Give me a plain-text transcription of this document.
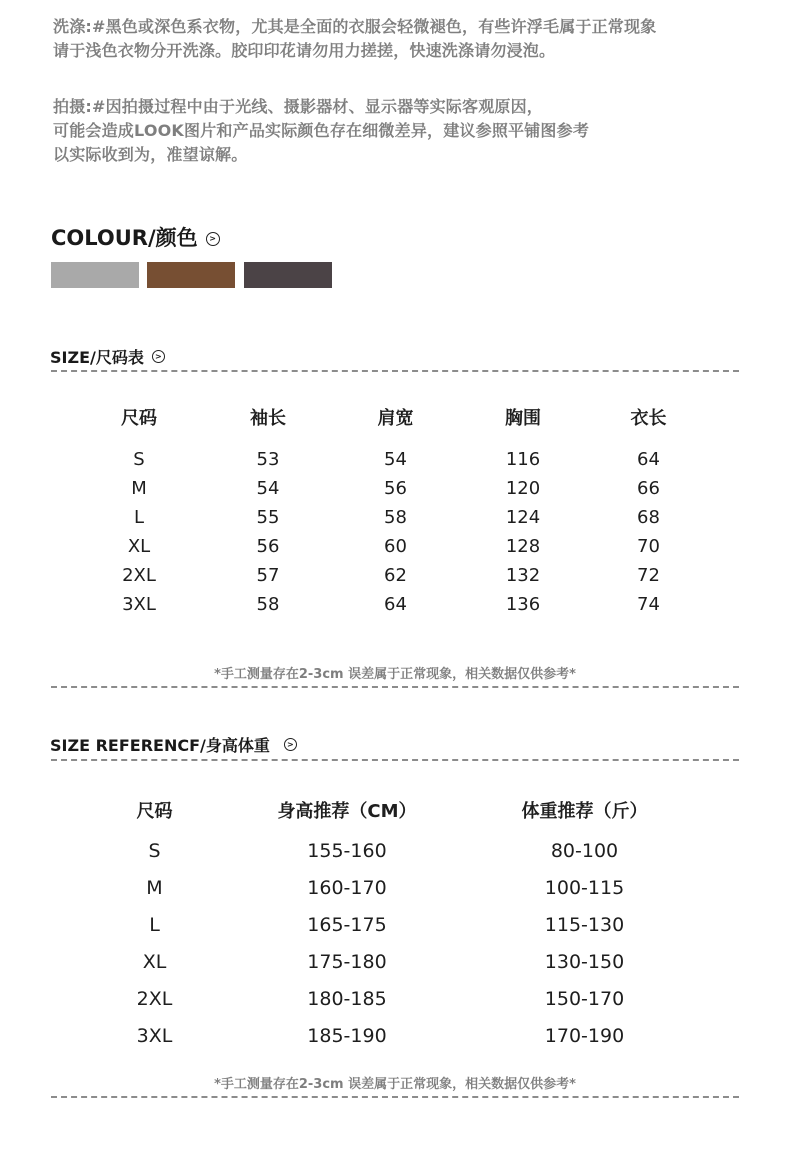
洗涤:#黑色或深色系衣物，尤其是全面的衣服会轻微褪色，有些许浮毛属于正常现象

请于浅色衣物分开洗涤。胶印印花请勿用力搓搓，快速洗涤请勿浸泡。

拍摄:#因拍摄过程中由于光线、摄影器材、显示器等实际客观原因，

可能会造成LOOK图片和产品实际颜色存在细微差异，建议参照平铺图参考

以实际收到为，准望谅解。

COLOUR/颜色	>
SIZE/尺码表	>
尺码	袖长	肩宽	胸围	衣长

S	53	54	116	64
M	54	56	120	66
L	55	58	124	68
XL	56	60	128	70
2XL	57	62	132	72
3XL	58	64	136	74
*手工测量存在2-3cm 误差属于正常现象，相关数据仅供参考*
SIZE REFERENCF/身高体重	>
尺码	身高推荐（CM）	体重推荐（斤）

S	155-160	80-100
M	160-170	100-115
L	165-175	115-130
XL	175-180	130-150
2XL	180-185	150-170
3XL	185-190	170-190
*手工测量存在2-3cm 误差属于正常现象，相关数据仅供参考*
